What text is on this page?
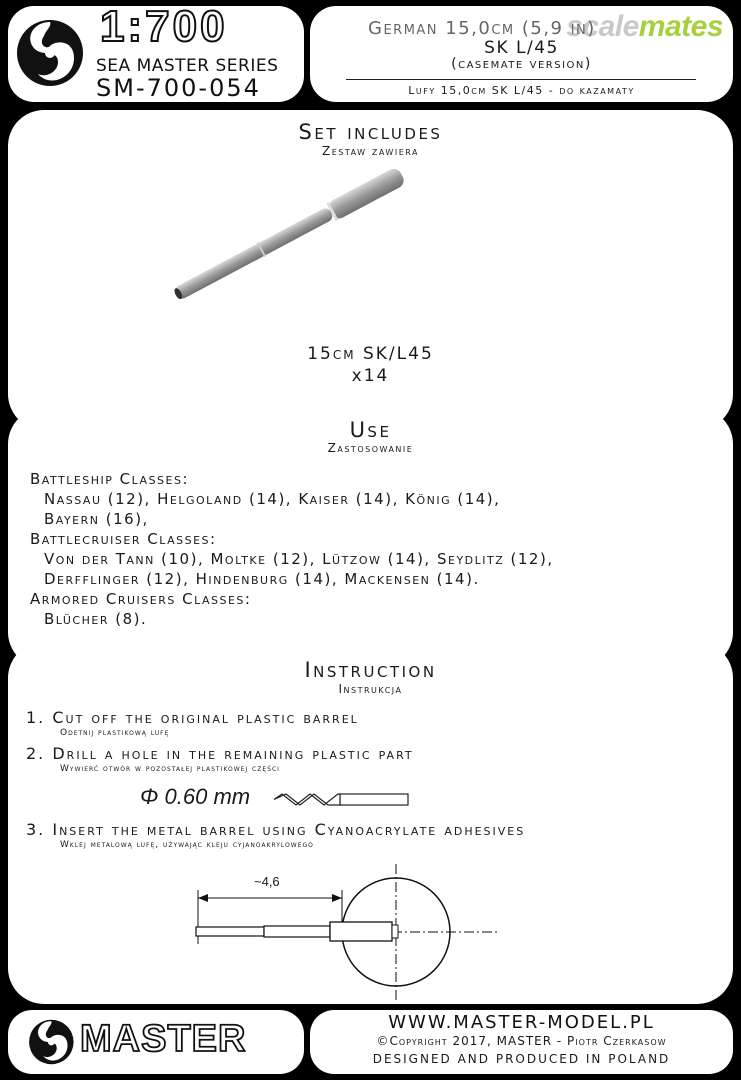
1:700
SEA MASTER SERIES
SM-700-054
scalemates
German 15,0cm (5,9 in)
SK L/45
(casemate version)
Lufy 15,0cm SK L/45 - do kazamaty
Set includes
Zestaw zawiera
15cm SK/L45
x14
Use
Zastosowanie
Battleship Classes:
Nassau (12), Helgoland (14), Kaiser (14), König (14),
Bayern (16),
Battlecruiser Classes:
Von der Tann (10), Moltke (12), Lützow (14), Seydlitz (12),
Derfflinger (12), Hindenburg (14), Mackensen (14).
Armored Cruisers Classes:
Blücher (8).
Instruction
Instrukcja
1. Cut off the original plastic barrel
Odetnij plastikową lufę
2. Drill a hole in the remaining plastic part
Wywierć otwór w pozostałej plastikowej części
Φ 0.60 mm
3. Insert the metal barrel using Cyanoacrylate adhesives
Wklej metalową lufę, używając kleju cyjanoakrylowego
~4,6
MASTER	WWW.MASTER-MODEL.PL
©Copyright 2017, MASTER - Piotr Czerkasow
DESIGNED AND PRODUCED IN POLAND
